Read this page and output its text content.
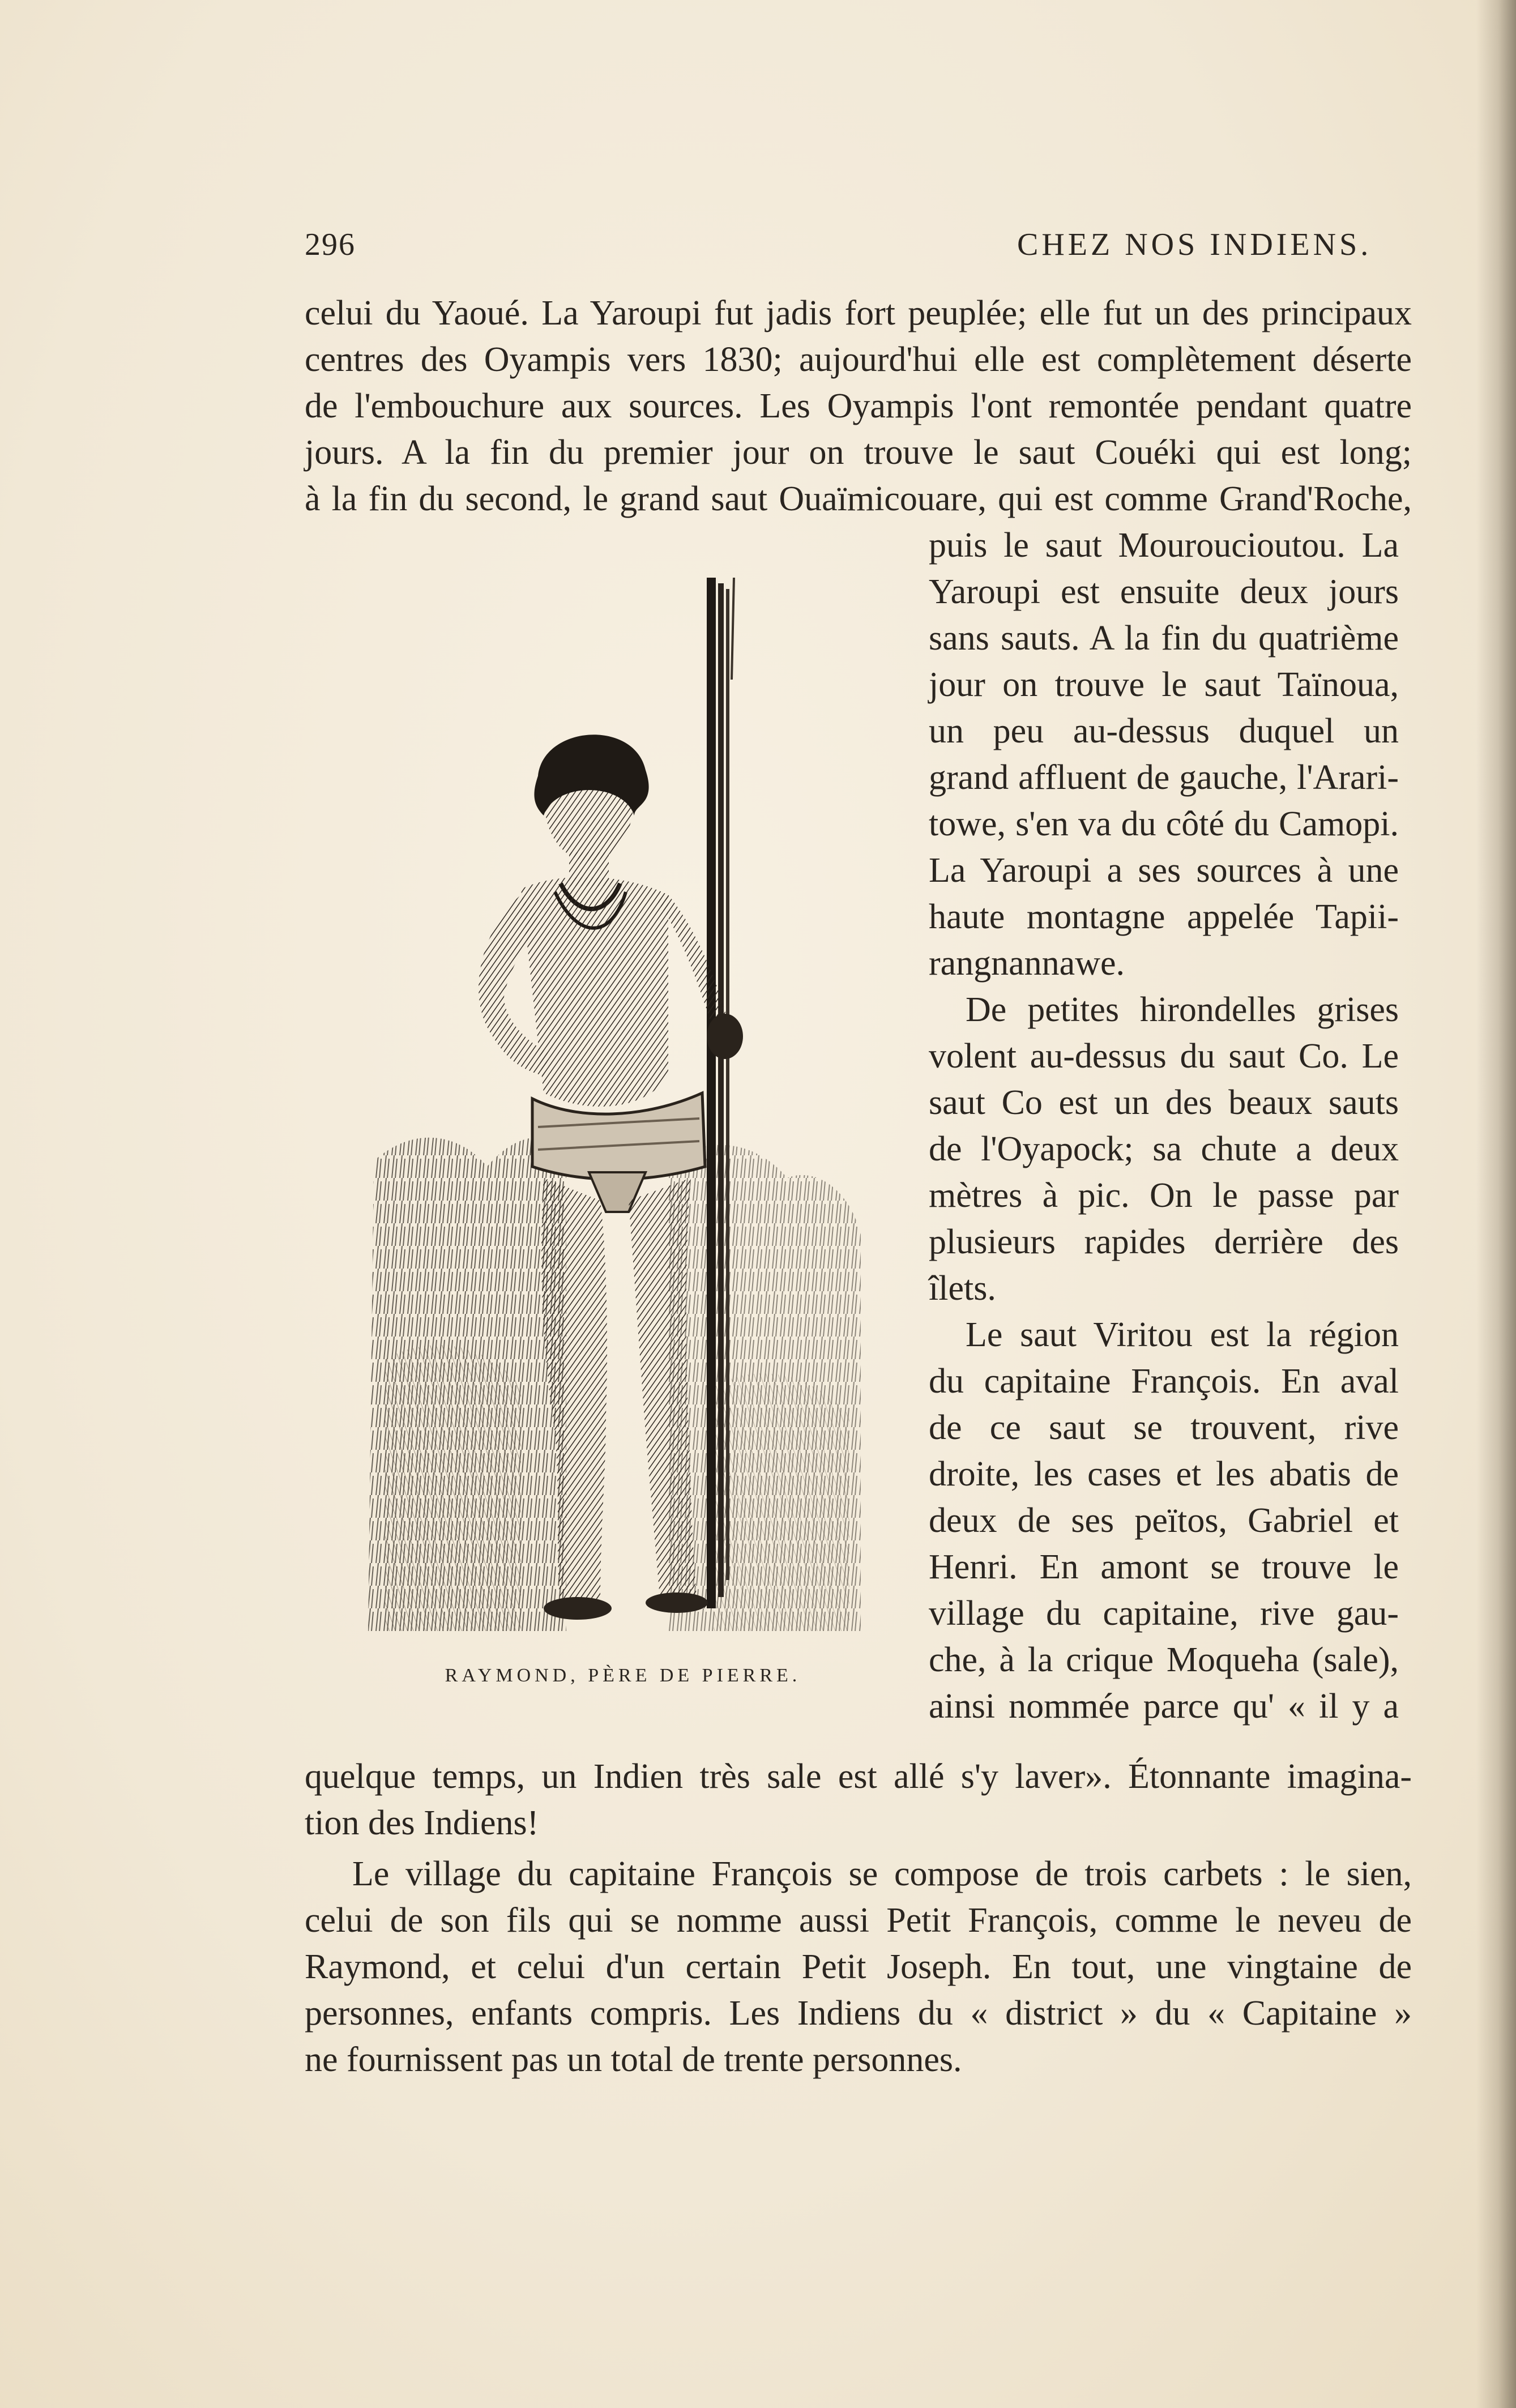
296	CHEZ NOS INDIENS.
celui du Yaoué. La Yaroupi fut jadis fort peuplée; elle fut un des principaux
centres des Oyampis vers 1830; aujourd'hui elle est complètement déserte
de l'embouchure aux sources. Les Oyampis l'ont remontée pendant quatre
jours. A la fin du premier jour on trouve le saut Couéki qui est long;
à la fin du second, le grand saut Ouaïmicouare, qui est comme Grand'Roche,
puis le saut Mouroucioutou. La
Yaroupi est ensuite deux jours
sans sauts. A la fin du quatrième
jour on trouve le saut Taïnoua,
un peu au-dessus duquel un
grand affluent de gauche, l'Arari-
towe, s'en va du côté du Camopi.
La Yaroupi a ses sources à une
haute montagne appelée Tapii-
rangnannawe.
De petites hirondelles grises
volent au-dessus du saut Co. Le
saut Co est un des beaux sauts
de l'Oyapock; sa chute a deux
mètres à pic. On le passe par
plusieurs rapides derrière des
îlets.
Le saut Viritou est la région
du capitaine François. En aval
de ce saut se trouvent, rive
droite, les cases et les abatis de
deux de ses peïtos, Gabriel et
Henri. En amont se trouve le
village du capitaine, rive gau-
che, à la crique Moqueha (sale),
ainsi nommée parce qu' « il y a
quelque temps, un Indien très sale est allé s'y laver». Étonnante imagina-
tion des Indiens!
Le village du capitaine François se compose de trois carbets : le sien,
celui de son fils qui se nomme aussi Petit François, comme le neveu de
Raymond, et celui d'un certain Petit Joseph. En tout, une vingtaine de
personnes, enfants compris. Les Indiens du « district » du « Capitaine »
ne fournissent pas un total de trente personnes.
RAYMOND, PÈRE DE PIERRE.
